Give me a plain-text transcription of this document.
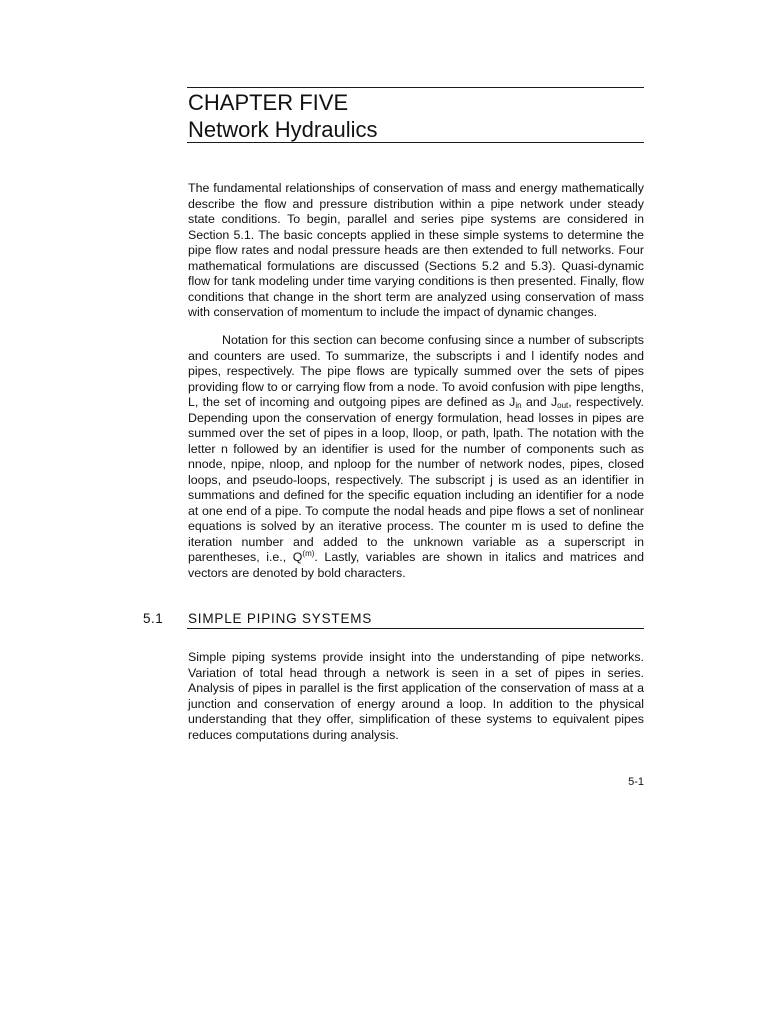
CHAPTER FIVE
Network Hydraulics

The fundamental relationships of conservation of mass and energy mathematically describe the flow and pressure distribution within a pipe network under steady state conditions. To begin, parallel and series pipe systems are considered in Section 5.1. The basic concepts applied in these simple systems to determine the pipe flow rates and nodal pressure heads are then extended to full networks. Four mathematical formulations are discussed (Sections 5.2 and 5.3). Quasi-dynamic flow for tank modeling under time varying conditions is then presented. Finally, flow conditions that change in the short term are analyzed using conservation of mass with conservation of momentum to include the impact of dynamic changes.

Notation for this section can become confusing since a number of subscripts and counters are used. To summarize, the subscripts i and l identify nodes and pipes, respectively. The pipe flows are typically summed over the sets of pipes providing flow to or carrying flow from a node. To avoid confusion with pipe lengths, L, the set of incoming and outgoing pipes are defined as $J_{in}$ and $J_{out}$, respectively. Depending upon the conservation of energy formulation, head losses in pipes are summed over the set of pipes in a loop, lloop, or path, lpath. The notation with the letter n followed by an identifier is used for the number of components such as nnode, npipe, nloop, and nploop for the number of network nodes, pipes, closed loops, and pseudo-loops, respectively. The subscript j is used as an identifier in summations and defined for the specific equation including an identifier for a node at one end of a pipe. To compute the nodal heads and pipe flows a set of nonlinear equations is solved by an iterative process. The counter m is used to define the iteration number and added to the unknown variable as a superscript in parentheses, i.e., $Q^{(m)}$. Lastly, variables are shown in italics and matrices and vectors are denoted by bold characters.

5.1 SIMPLE PIPING SYSTEMS

Simple piping systems provide insight into the understanding of pipe networks. Variation of total head through a network is seen in a set of pipes in series. Analysis of pipes in parallel is the first application of the conservation of mass at a junction and conservation of energy around a loop. In addition to the physical understanding that they offer, simplification of these systems to equivalent pipes reduces computations during analysis.

5-1
